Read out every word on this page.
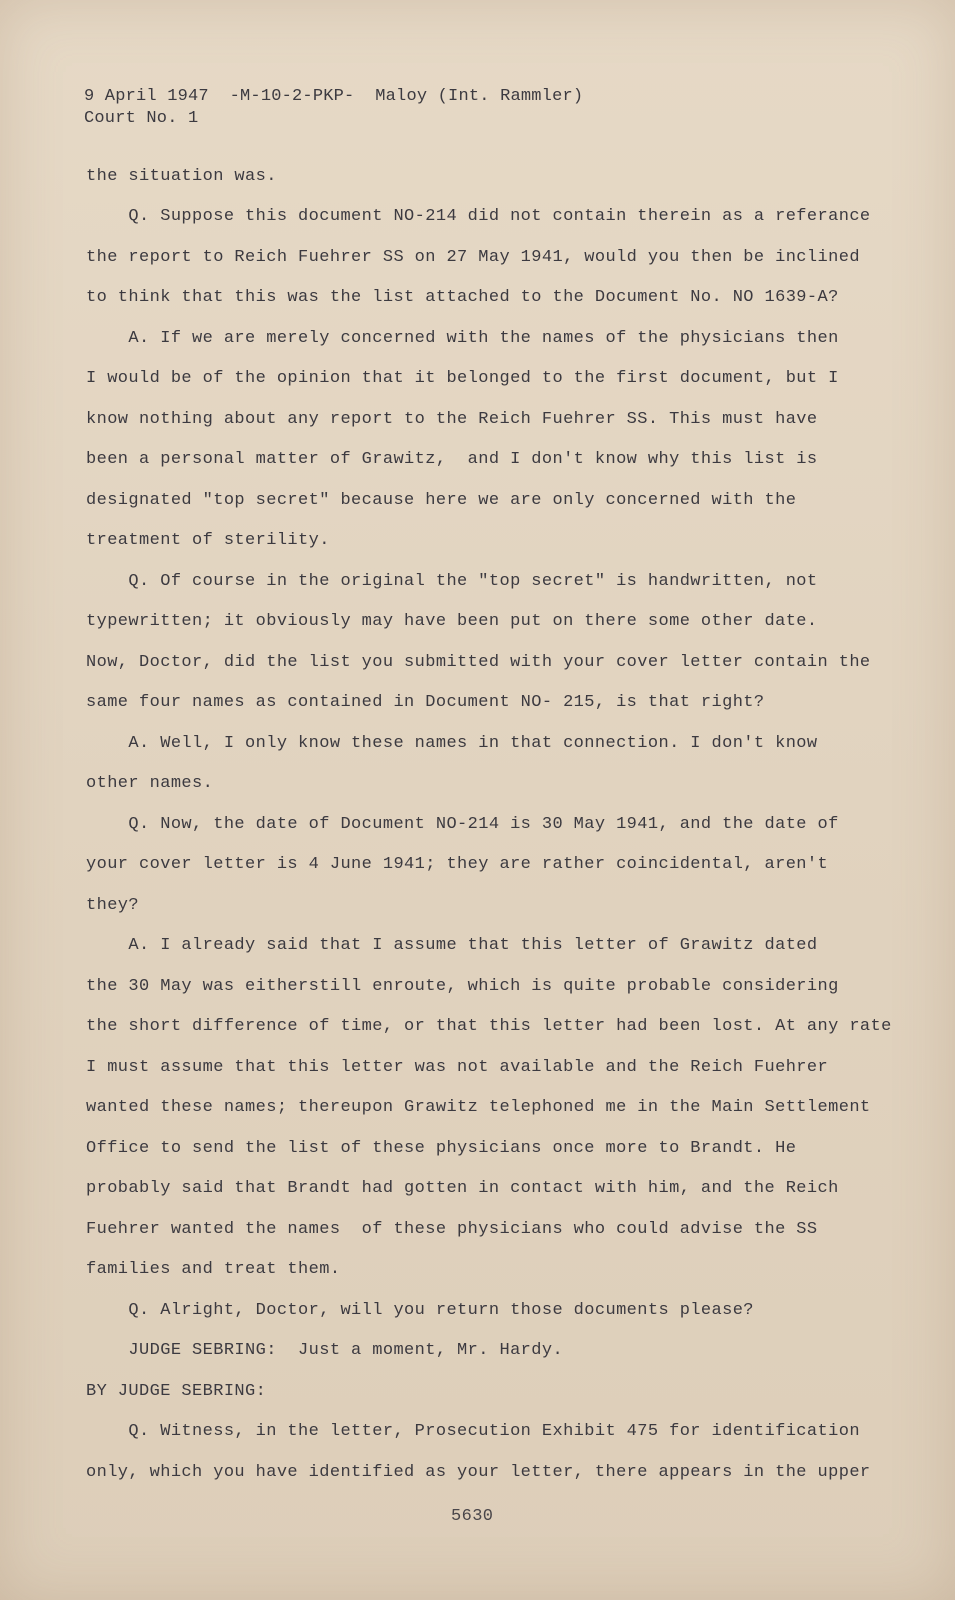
9 April 1947  -M-10-2-PKP-  Maloy (Int. Rammler)
Court No. 1
the situation was.
Q. Suppose this document NO-214 did not contain therein as a referance
the report to Reich Fuehrer SS on 27 May 1941, would you then be inclined
to think that this was the list attached to the Document No. NO 1639-A?
A. If we are merely concerned with the names of the physicians then
I would be of the opinion that it belonged to the first document, but I
know nothing about any report to the Reich Fuehrer SS. This must have
been a personal matter of Grawitz,  and I don't know why this list is
designated "top secret" because here we are only concerned with the
treatment of sterility.
Q. Of course in the original the "top secret" is handwritten, not
typewritten; it obviously may have been put on there some other date.
Now, Doctor, did the list you submitted with your cover letter contain the
same four names as contained in Document NO- 215, is that right?
A. Well, I only know these names in that connection. I don't know
other names.
Q. Now, the date of Document NO-214 is 30 May 1941, and the date of
your cover letter is 4 June 1941; they are rather coincidental, aren't
they?
A. I already said that I assume that this letter of Grawitz dated
the 30 May was eitherstill enroute, which is quite probable considering
the short difference of time, or that this letter had been lost. At any rate
I must assume that this letter was not available and the Reich Fuehrer
wanted these names; thereupon Grawitz telephoned me in the Main Settlement
Office to send the list of these physicians once more to Brandt. He
probably said that Brandt had gotten in contact with him, and the Reich
Fuehrer wanted the names  of these physicians who could advise the SS
families and treat them.
Q. Alright, Doctor, will you return those documents please?
JUDGE SEBRING:  Just a moment, Mr. Hardy.
BY JUDGE SEBRING:
Q. Witness, in the letter, Prosecution Exhibit 475 for identification
only, which you have identified as your letter, there appears in the upper
5630
